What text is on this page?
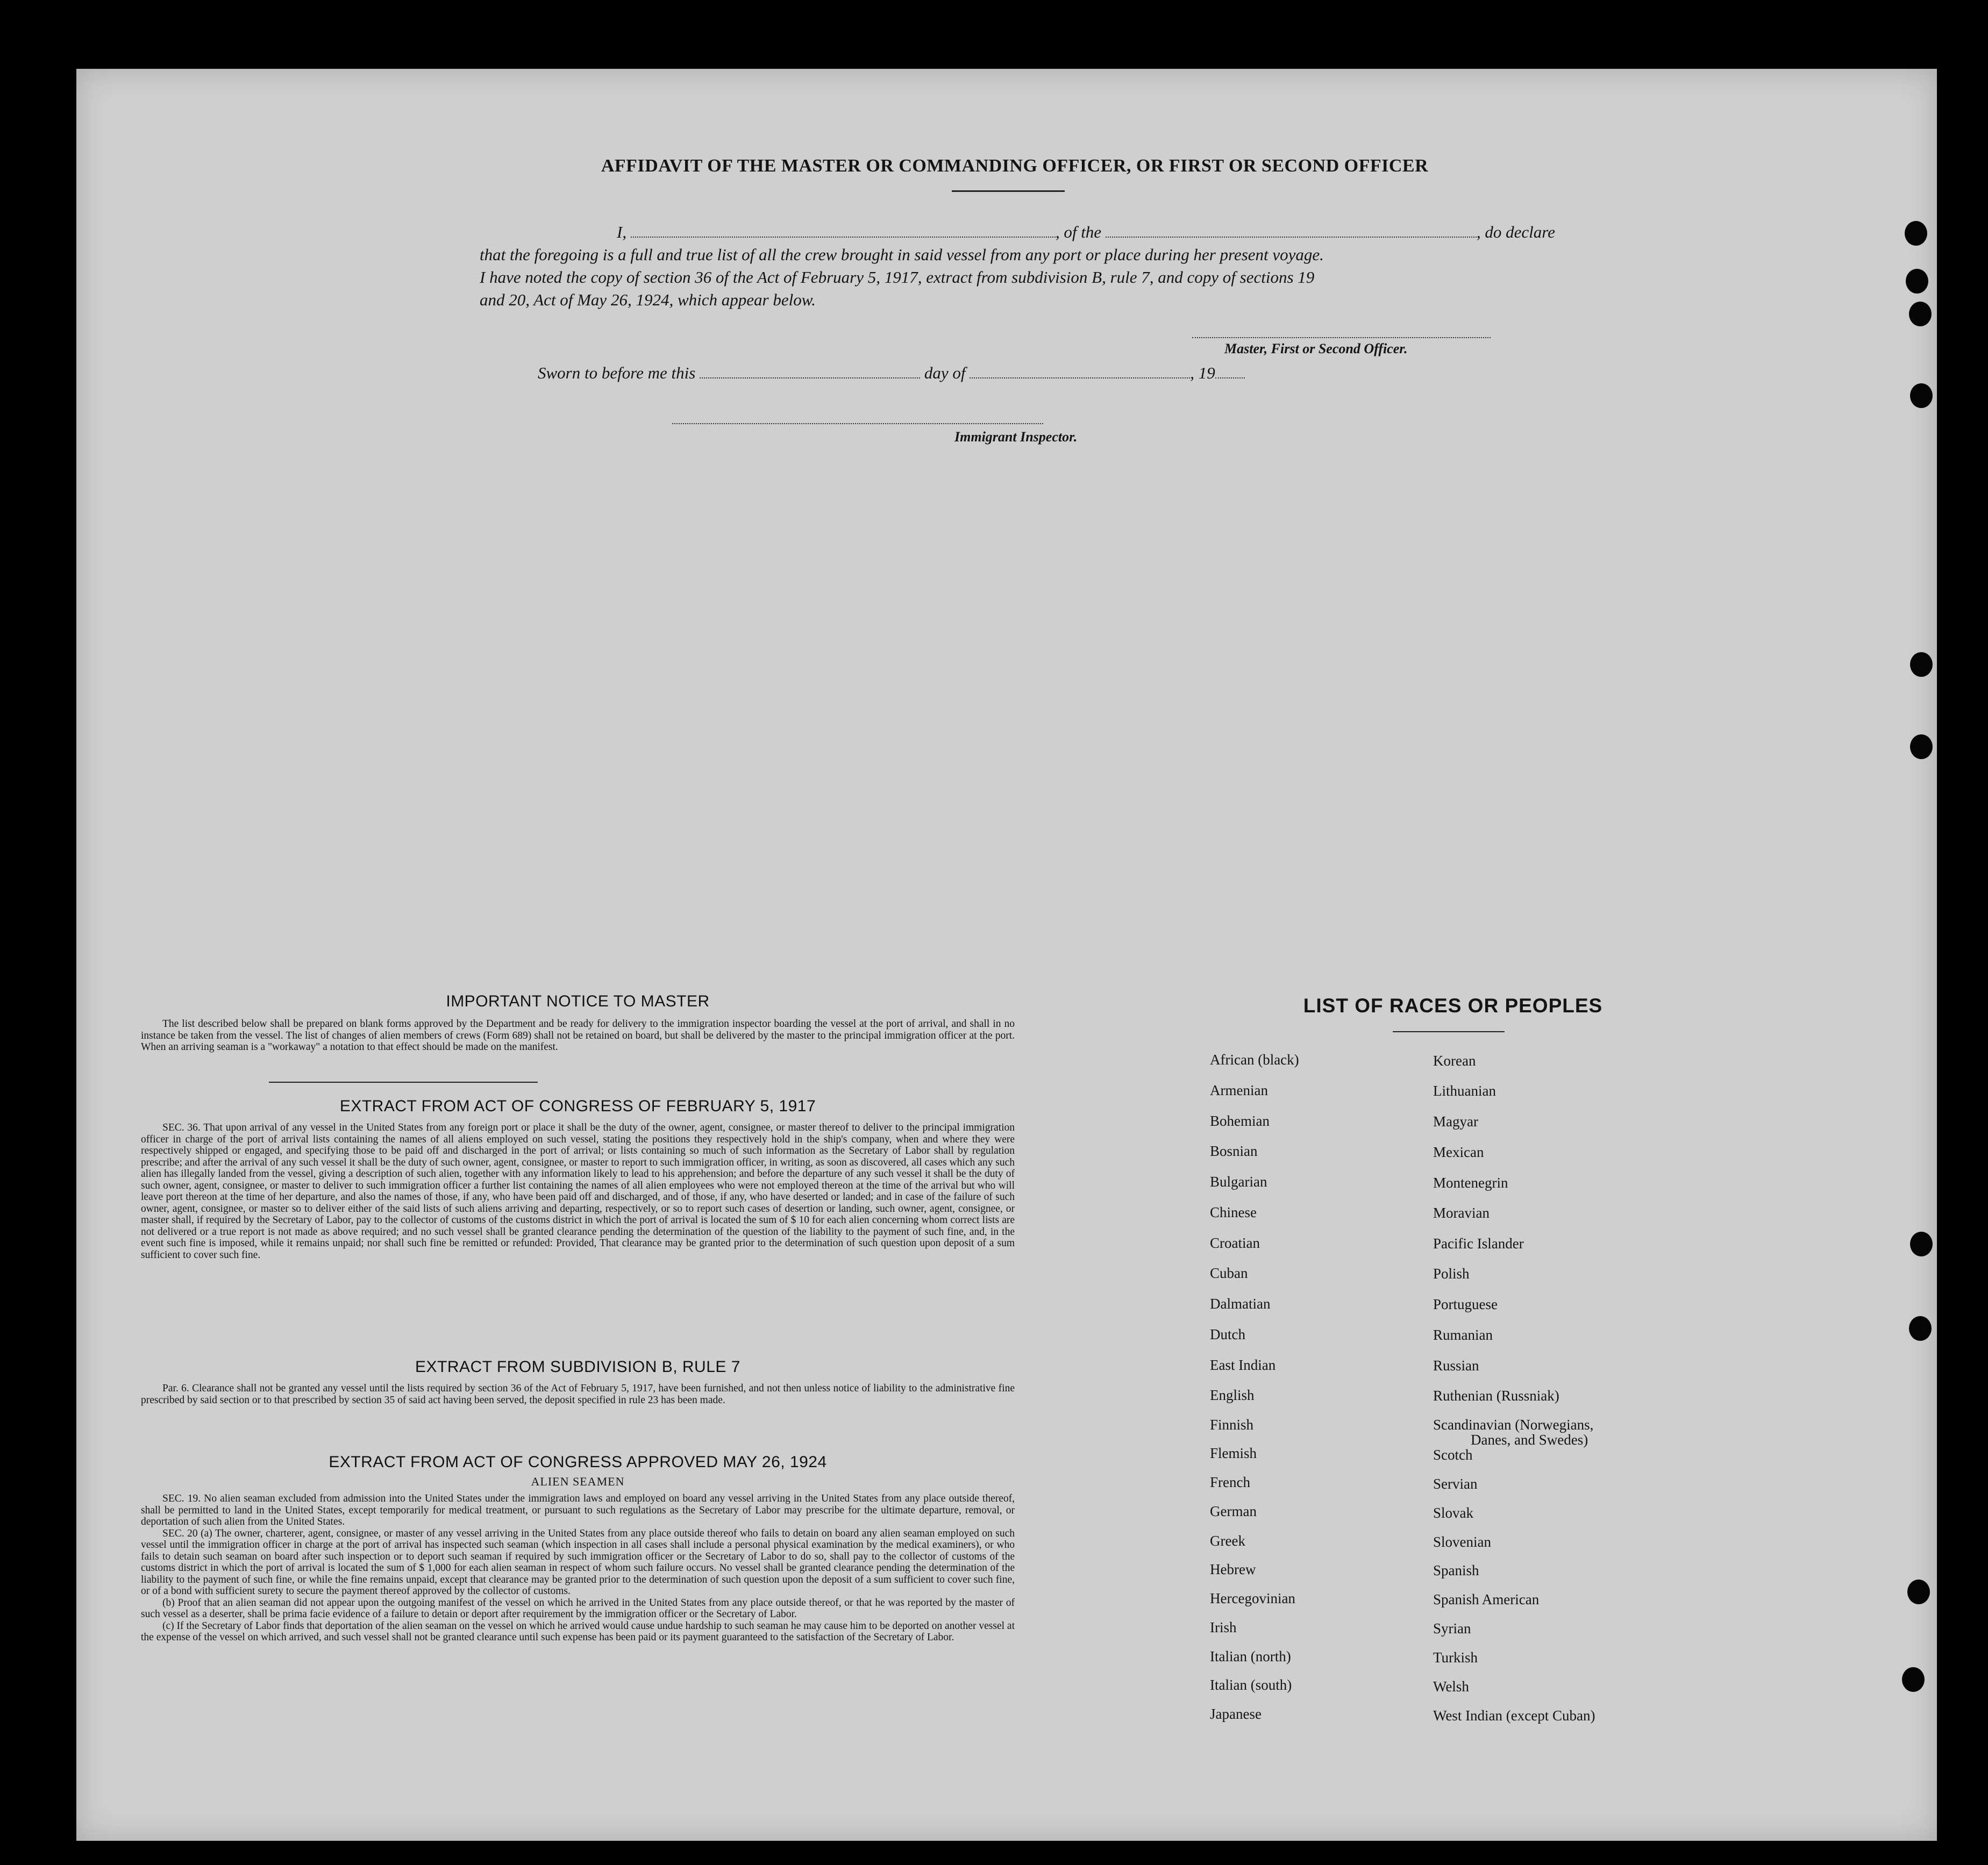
AFFIDAVIT OF THE MASTER OR COMMANDING OFFICER, OR FIRST OR SECOND OFFICER
I,	, of the	, do declare
that the foregoing is a full and true list of all the crew brought in said vessel from any port or place during her present voyage.
I have noted the copy of section 36 of the Act of February 5, 1917, extract from subdivision B, rule 7, and copy of sections 19
and 20, Act of May 26, 1924, which appear below.
Master, First or Second Officer.
Sworn to before me this	day of	, 19
Immigrant Inspector.
IMPORTANT NOTICE TO MASTER

The list described below shall be prepared on blank forms approved by the Department and be ready for delivery to the immigration inspector boarding the vessel at the port of arrival, and shall in no instance be taken from the vessel. The list of changes of alien members of crews (Form 689) shall not be retained on board, but shall be delivered by the master to the principal immigration officer at the port. When an arriving seaman is a "workaway" a notation to that effect should be made on the manifest.

EXTRACT FROM ACT OF CONGRESS OF FEBRUARY 5, 1917

SEC. 36. That upon arrival of any vessel in the United States from any foreign port or place it shall be the duty of the owner, agent, consignee, or master thereof to deliver to the principal immigration officer in charge of the port of arrival lists containing the names of all aliens employed on such vessel, stating the positions they respectively hold in the ship's company, when and where they were respectively shipped or engaged, and specifying those to be paid off and discharged in the port of arrival; or lists containing so much of such information as the Secretary of Labor shall by regulation prescribe; and after the arrival of any such vessel it shall be the duty of such owner, agent, consignee, or master to report to such immigration officer, in writing, as soon as discovered, all cases which any such alien has illegally landed from the vessel, giving a description of such alien, together with any information likely to lead to his apprehension; and before the departure of any such vessel it shall be the duty of such owner, agent, consignee, or master to deliver to such immigration officer a further list containing the names of all alien employees who were not employed thereon at the time of the arrival but who will leave port thereon at the time of her departure, and also the names of those, if any, who have been paid off and discharged, and of those, if any, who have deserted or landed; and in case of the failure of such owner, agent, consignee, or master so to deliver either of the said lists of such aliens arriving and departing, respectively, or so to report such cases of desertion or landing, such owner, agent, consignee, or master shall, if required by the Secretary of Labor, pay to the collector of customs of the customs district in which the port of arrival is located the sum of $ 10 for each alien concerning whom correct lists are not delivered or a true report is not made as above required; and no such vessel shall be granted clearance pending the determination of the question of the liability to the payment of such fine, and, in the event such fine is imposed, while it remains unpaid; nor shall such fine be remitted or refunded: Provided, That clearance may be granted prior to the determination of such question upon deposit of a sum sufficient to cover such fine.

EXTRACT FROM SUBDIVISION B, RULE 7

Par. 6. Clearance shall not be granted any vessel until the lists required by section 36 of the Act of February 5, 1917, have been furnished, and not then unless notice of liability to the administrative fine prescribed by said section or to that prescribed by section 35 of said act having been served, the deposit specified in rule 23 has been made.

EXTRACT FROM ACT OF CONGRESS APPROVED MAY 26, 1924
ALIEN SEAMEN

SEC. 19. No alien seaman excluded from admission into the United States under the immigration laws and employed on board any vessel arriving in the United States from any place outside thereof, shall be permitted to land in the United States, except temporarily for medical treatment, or pursuant to such regulations as the Secretary of Labor may prescribe for the ultimate departure, removal, or deportation of such alien from the United States.

SEC. 20 (a) The owner, charterer, agent, consignee, or master of any vessel arriving in the United States from any place outside thereof who fails to detain on board any alien seaman employed on such vessel until the immigration officer in charge at the port of arrival has inspected such seaman (which inspection in all cases shall include a personal physical examination by the medical examiners), or who fails to detain such seaman on board after such inspection or to deport such seaman if required by such immigration officer or the Secretary of Labor to do so, shall pay to the collector of customs of the customs district in which the port of arrival is located the sum of $ 1,000 for each alien seaman in respect of whom such failure occurs. No vessel shall be granted clearance pending the determination of the liability to the payment of such fine, or while the fine remains unpaid, except that clearance may be granted prior to the determination of such question upon the deposit of a sum sufficient to cover such fine, or of a bond with sufficient surety to secure the payment thereof approved by the collector of customs.

(b) Proof that an alien seaman did not appear upon the outgoing manifest of the vessel on which he arrived in the United States from any place outside thereof, or that he was reported by the master of such vessel as a deserter, shall be prima facie evidence of a failure to detain or deport after requirement by the immigration officer or the Secretary of Labor.

(c) If the Secretary of Labor finds that deportation of the alien seaman on the vessel on which he arrived would cause undue hardship to such seaman he may cause him to be deported on another vessel at the expense of the vessel on which arrived, and such vessel shall not be granted clearance until such expense has been paid or its payment guaranteed to the satisfaction of the Secretary of Labor.

LIST OF RACES OR PEOPLES
African (black)
Armenian
Bohemian
Bosnian
Bulgarian
Chinese
Croatian
Cuban
Dalmatian
Dutch
East Indian
English
Finnish
Flemish
French
German
Greek
Hebrew
Hercegovinian
Irish
Italian (north)
Italian (south)
Japanese
Korean
Lithuanian
Magyar
Mexican
Montenegrin
Moravian
Pacific Islander
Polish
Portuguese
Rumanian
Russian
Ruthenian (Russniak)
Scandinavian (Norwegians,
Danes, and Swedes)
Scotch
Servian
Slovak
Slovenian
Spanish
Spanish American
Syrian
Turkish
Welsh
West Indian (except Cuban)
